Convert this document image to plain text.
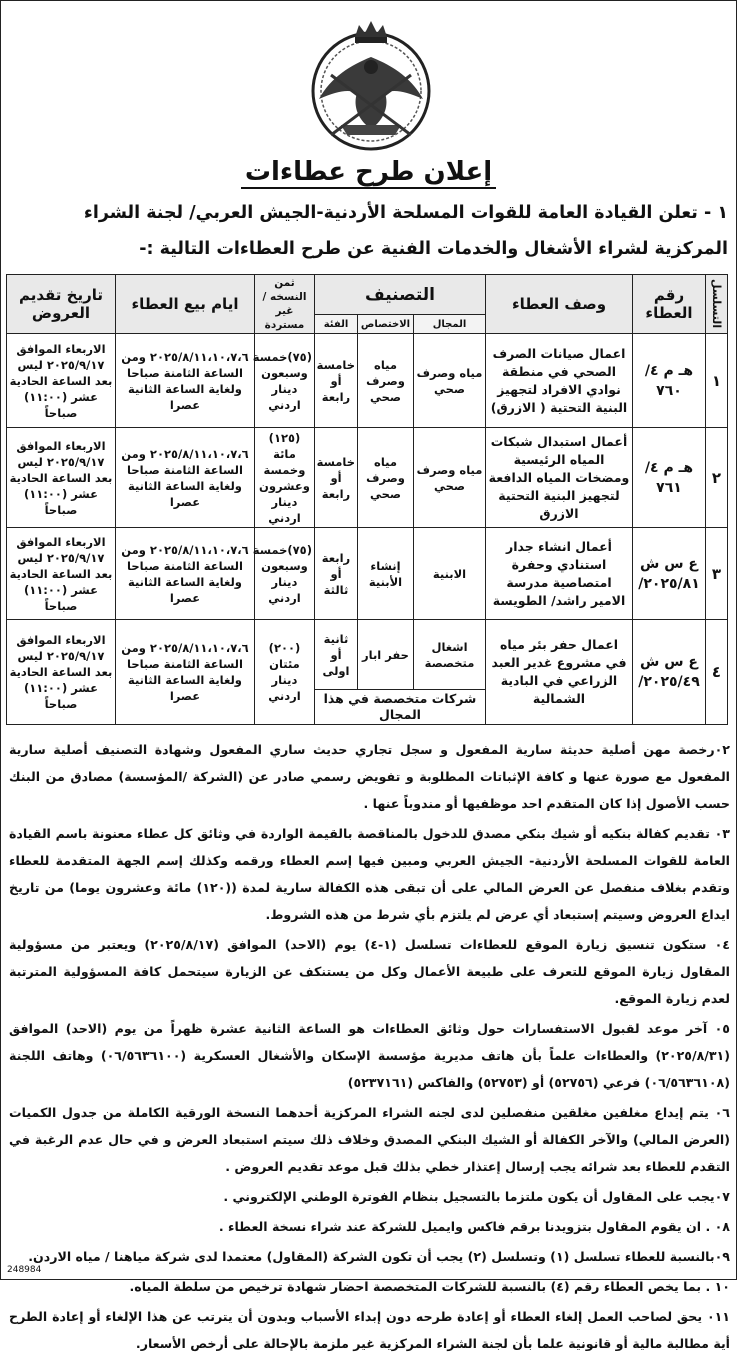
إعلان طرح عطاءات
١ - تعلن القيادة العامة للقوات المسلحة الأردنية-الجيش العربي/ لجنة الشراء المركزية لشراء الأشغال والخدمات الفنية عن طرح العطاءات التالية :-
التسلسل	رقم العطاء	وصف العطاء	التصنيف			ثمن النسخه /غير مستردة	ايام بيع العطاء	تاريخ تقديم العروض
			المجال	الاختصاص	الفئة			
١	هـ م ٤/ ٧٦٠	اعمال صيانات الصرف الصحي في منطقة نوادي الافراد لتجهيز البنية التحتية ( الازرق)	مياه وصرف صحي	مياه وصرف صحي	خامسة أو رابعة	(٧٥)خمسة وسبعون دينار اردني	٢٠٢٥/٨/١١،١٠،٧،٦ ومن الساعة الثامنة صباحا ولغاية الساعة الثانية عصرا	الاربعاء الموافق ٢٠٢٥/٩/١٧ ليس بعد الساعة الحادية عشر (١١:٠٠) صباحاً
٢	هـ م ٤/ ٧٦١	أعمال استبدال شبكات المياه الرئيسية ومضخات المياه الدافعة لتجهيز البنية التحتية الازرق	مياه وصرف صحي	مياه وصرف صحي	خامسة أو رابعة	(١٢٥) مائة وخمسة وعشرون دينار اردني	٢٠٢٥/٨/١١،١٠،٧،٦ ومن الساعة الثامنة صباحا ولغاية الساعة الثانية عصرا	الاربعاء الموافق ٢٠٢٥/٩/١٧ ليس بعد الساعة الحادية عشر (١١:٠٠) صباحاً
٣	ع س ش ٢٠٢٥/٨١/	أعمال انشاء جدار استنادي وحفرة امتصاصية مدرسة الامير راشد/ الطويسة	الابنية	إنشاء الأبنية	رابعة أو ثالثة	(٧٥)خمسة وسبعون دينار اردني	٢٠٢٥/٨/١١،١٠،٧،٦ ومن الساعة الثامنة صباحا ولغاية الساعة الثانية عصرا	الاربعاء الموافق ٢٠٢٥/٩/١٧ ليس بعد الساعة الحادية عشر (١١:٠٠) صباحاً
٤	ع س ش ٢٠٢٥/٤٩/	اعمال حفر بئر مياه في مشروع غدير العبد الزراعي في البادية الشمالية	اشغال متخصصة	حفر ابار	ثانية أو اولى	(٢٠٠) مئتان دينار اردني	٢٠٢٥/٨/١١،١٠،٧،٦ ومن الساعة الثامنة صباحا ولغاية الساعة الثانية عصرا	الاربعاء الموافق ٢٠٢٥/٩/١٧ ليس بعد الساعة الحادية عشر (١١:٠٠) صباحاً
			شركات متخصصة في هذا المجال					

٠٢رخصة مهن أصلية حديثة سارية المفعول و سجل تجاري حديث ساري المفعول وشهادة التصنيف أصلية سارية المفعول مع صورة عنها و كافة الإثباتات المطلوبة و تفويض رسمي صادر عن (الشركة /المؤسسة) مصادق من البنك حسب الأصول إذا كان المتقدم احد موظفيها أو مندوباً عنها .

٠٣ تقديم كفالة بنكيه أو شيك بنكي مصدق للدخول بالمناقصة بالقيمة الواردة في وثائق كل عطاء معنونة باسم القيادة العامة للقوات المسلحة الأردنية- الجيش العربي ومبين فيها إسم العطاء ورقمه وكذلك إسم الجهة المتقدمة للعطاء وتقدم بغلاف منفصل عن العرض المالي على أن تبقى هذه الكفالة سارية لمدة ((١٢٠) مائة وعشرون يوما) من تاريخ ايداع العروض وسيتم إستبعاد أي عرض لم يلتزم بأي شرط من هذه الشروط.

٠٤ ستكون تنسيق زيارة الموقع للعطاءات تسلسل (١-٤) يوم (الاحد) الموافق (٢٠٢٥/٨/١٧) ويعتبر من مسؤولية المقاول زيارة الموقع للتعرف على طبيعة الأعمال وكل من يستنكف عن الزيارة سيتحمل كافة المسؤولية المترتبة لعدم زيارة الموقع.

٠٥ آخر موعد لقبول الاستفسارات حول وثائق العطاءات هو الساعة الثانية عشرة ظهراً من يوم (الاحد) الموافق (٢٠٢٥/٨/٣١) والعطاءات علماً بأن هاتف مديرية مؤسسة الإسكان والأشغال العسكرية (٠٦/٥٦٣٦١٠٠) وهاتف اللجنة (٠٦/٥٦٣٦١٠٨) فرعي (٥٢٧٥٦) أو (٥٢٧٥٣) والفاكس (٥٢٣٧١٦١)

٠٦ يتم إيداع مغلفين مغلقين منفصلين لدى لجنه الشراء المركزية أحدهما النسخة الورقية الكاملة من جدول الكميات (العرض المالي) والآخر الكفالة أو الشيك البنكي المصدق وخلاف ذلك سيتم استبعاد العرض و في حال عدم الرغبة في التقدم للعطاء بعد شرائه يجب إرسال إعتذار خطي بذلك قبل موعد تقديم العروض .

٠٧يجب على المقاول أن يكون ملتزما بالتسجيل بنظام الفوترة الوطني الإلكتروني .

٠٨ . ان يقوم المقاول بتزويدنا برقم فاكس وايميل للشركة عند شراء نسخة العطاء .

٠٩بالنسبة للعطاء تسلسل (١) وتسلسل (٢) يجب أن تكون الشركة (المقاول) معتمدا لدى شركة مياهنا / مياه الاردن.

١٠ . بما يخص العطاء رقم (٤) بالنسبة للشركات المتخصصة احضار شهادة ترخيص من سلطة المياه.

٠١١ يحق لصاحب العمل إلغاء العطاء أو إعادة طرحه دون إبداء الأسباب وبدون أن يترتب عن هذا الإلغاء أو إعادة الطرح أية مطالبة مالية أو قانونية علما بأن لجنة الشراء المركزية غير ملزمة بالإحالة على أرخص الأسعار.

248984
